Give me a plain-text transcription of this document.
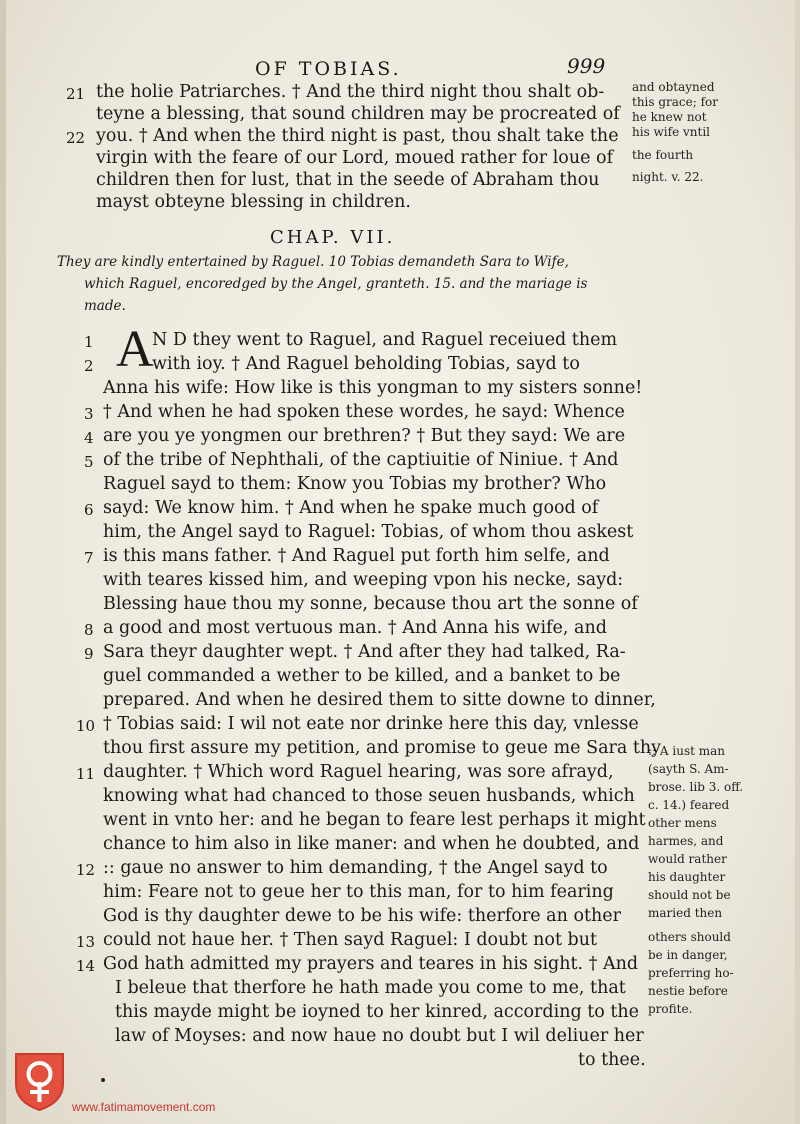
OF TOBIAS.	999
21 the holie Patriarches. † And the third night thou shalt ob-
teyne a blessing, that sound children may be procreated of
22 you. † And when the third night is past, thou shalt take the
virgin with the feare of our Lord, moued rather for loue of
children then for lust, that in the seede of Abraham thou
mayst obteyne blessing in children.
and obtayned
this grace; for
he knew not
his wife vntil
the fourth
night. v. 22.
CHAP. VII.
They are kindly entertained by Raguel. 10 Tobias demandeth Sara to Wife,
which Raguel, encoredged by the Angel, granteth. 15. and the mariage is
made.
A
1	N D they went to Raguel, and Raguel receiued them
2	with ioy. † And Raguel beholding Tobias, sayd to
Anna his wife: How like is this yongman to my sisters sonne!
3 † And when he had spoken these wordes, he sayd: Whence
4 are you ye yongmen our brethren? † But they sayd: We are
5 of the tribe of Nephthali, of the captiuitie of Niniue. † And
Raguel sayd to them: Know you Tobias my brother? Who
6 sayd: We know him. † And when he spake much good of
him, the Angel sayd to Raguel: Tobias, of whom thou askest
7 is this mans father. † And Raguel put forth him selfe, and
with teares kissed him, and weeping vpon his necke, sayd:
Blessing haue thou my sonne, because thou art the sonne of
8 a good and most vertuous man. † And Anna his wife, and
9 Sara theyr daughter wept. † And after they had talked, Ra-
guel commanded a wether to be killed, and a banket to be
prepared. And when he desired them to sitte downe to dinner,
10 † Tobias said: I wil not eate nor drinke here this day, vnlesse
thou first assure my petition, and promise to geue me Sara thy
11 daughter. † Which word Raguel hearing, was sore afrayd,
knowing what had chanced to those seuen husbands, which
went in vnto her: and he began to feare lest perhaps it might
chance to him also in like maner: and when he doubted, and
12 :: gaue no answer to him demanding, † the Angel sayd to
him: Feare not to geue her to this man, for to him fearing
God is thy daughter dewe to be his wife: therfore an other
13 could not haue her. † Then sayd Raguel: I doubt not but
14 God hath admitted my prayers and teares in his sight. † And
I beleue that therfore he hath made you come to me, that
this mayde might be ioyned to her kinred, according to the
law of Moyses: and now haue no doubt but I wil deliuer her
to thee.
:: A iust man
(sayth S. Am-
brose. lib 3. off.
c. 14.) feared
other mens
harmes, and
would rather
his daughter
should not be
maried then
others should
be in danger,
preferring ho-
nestie before
profite.
www.fatimamovement.com
